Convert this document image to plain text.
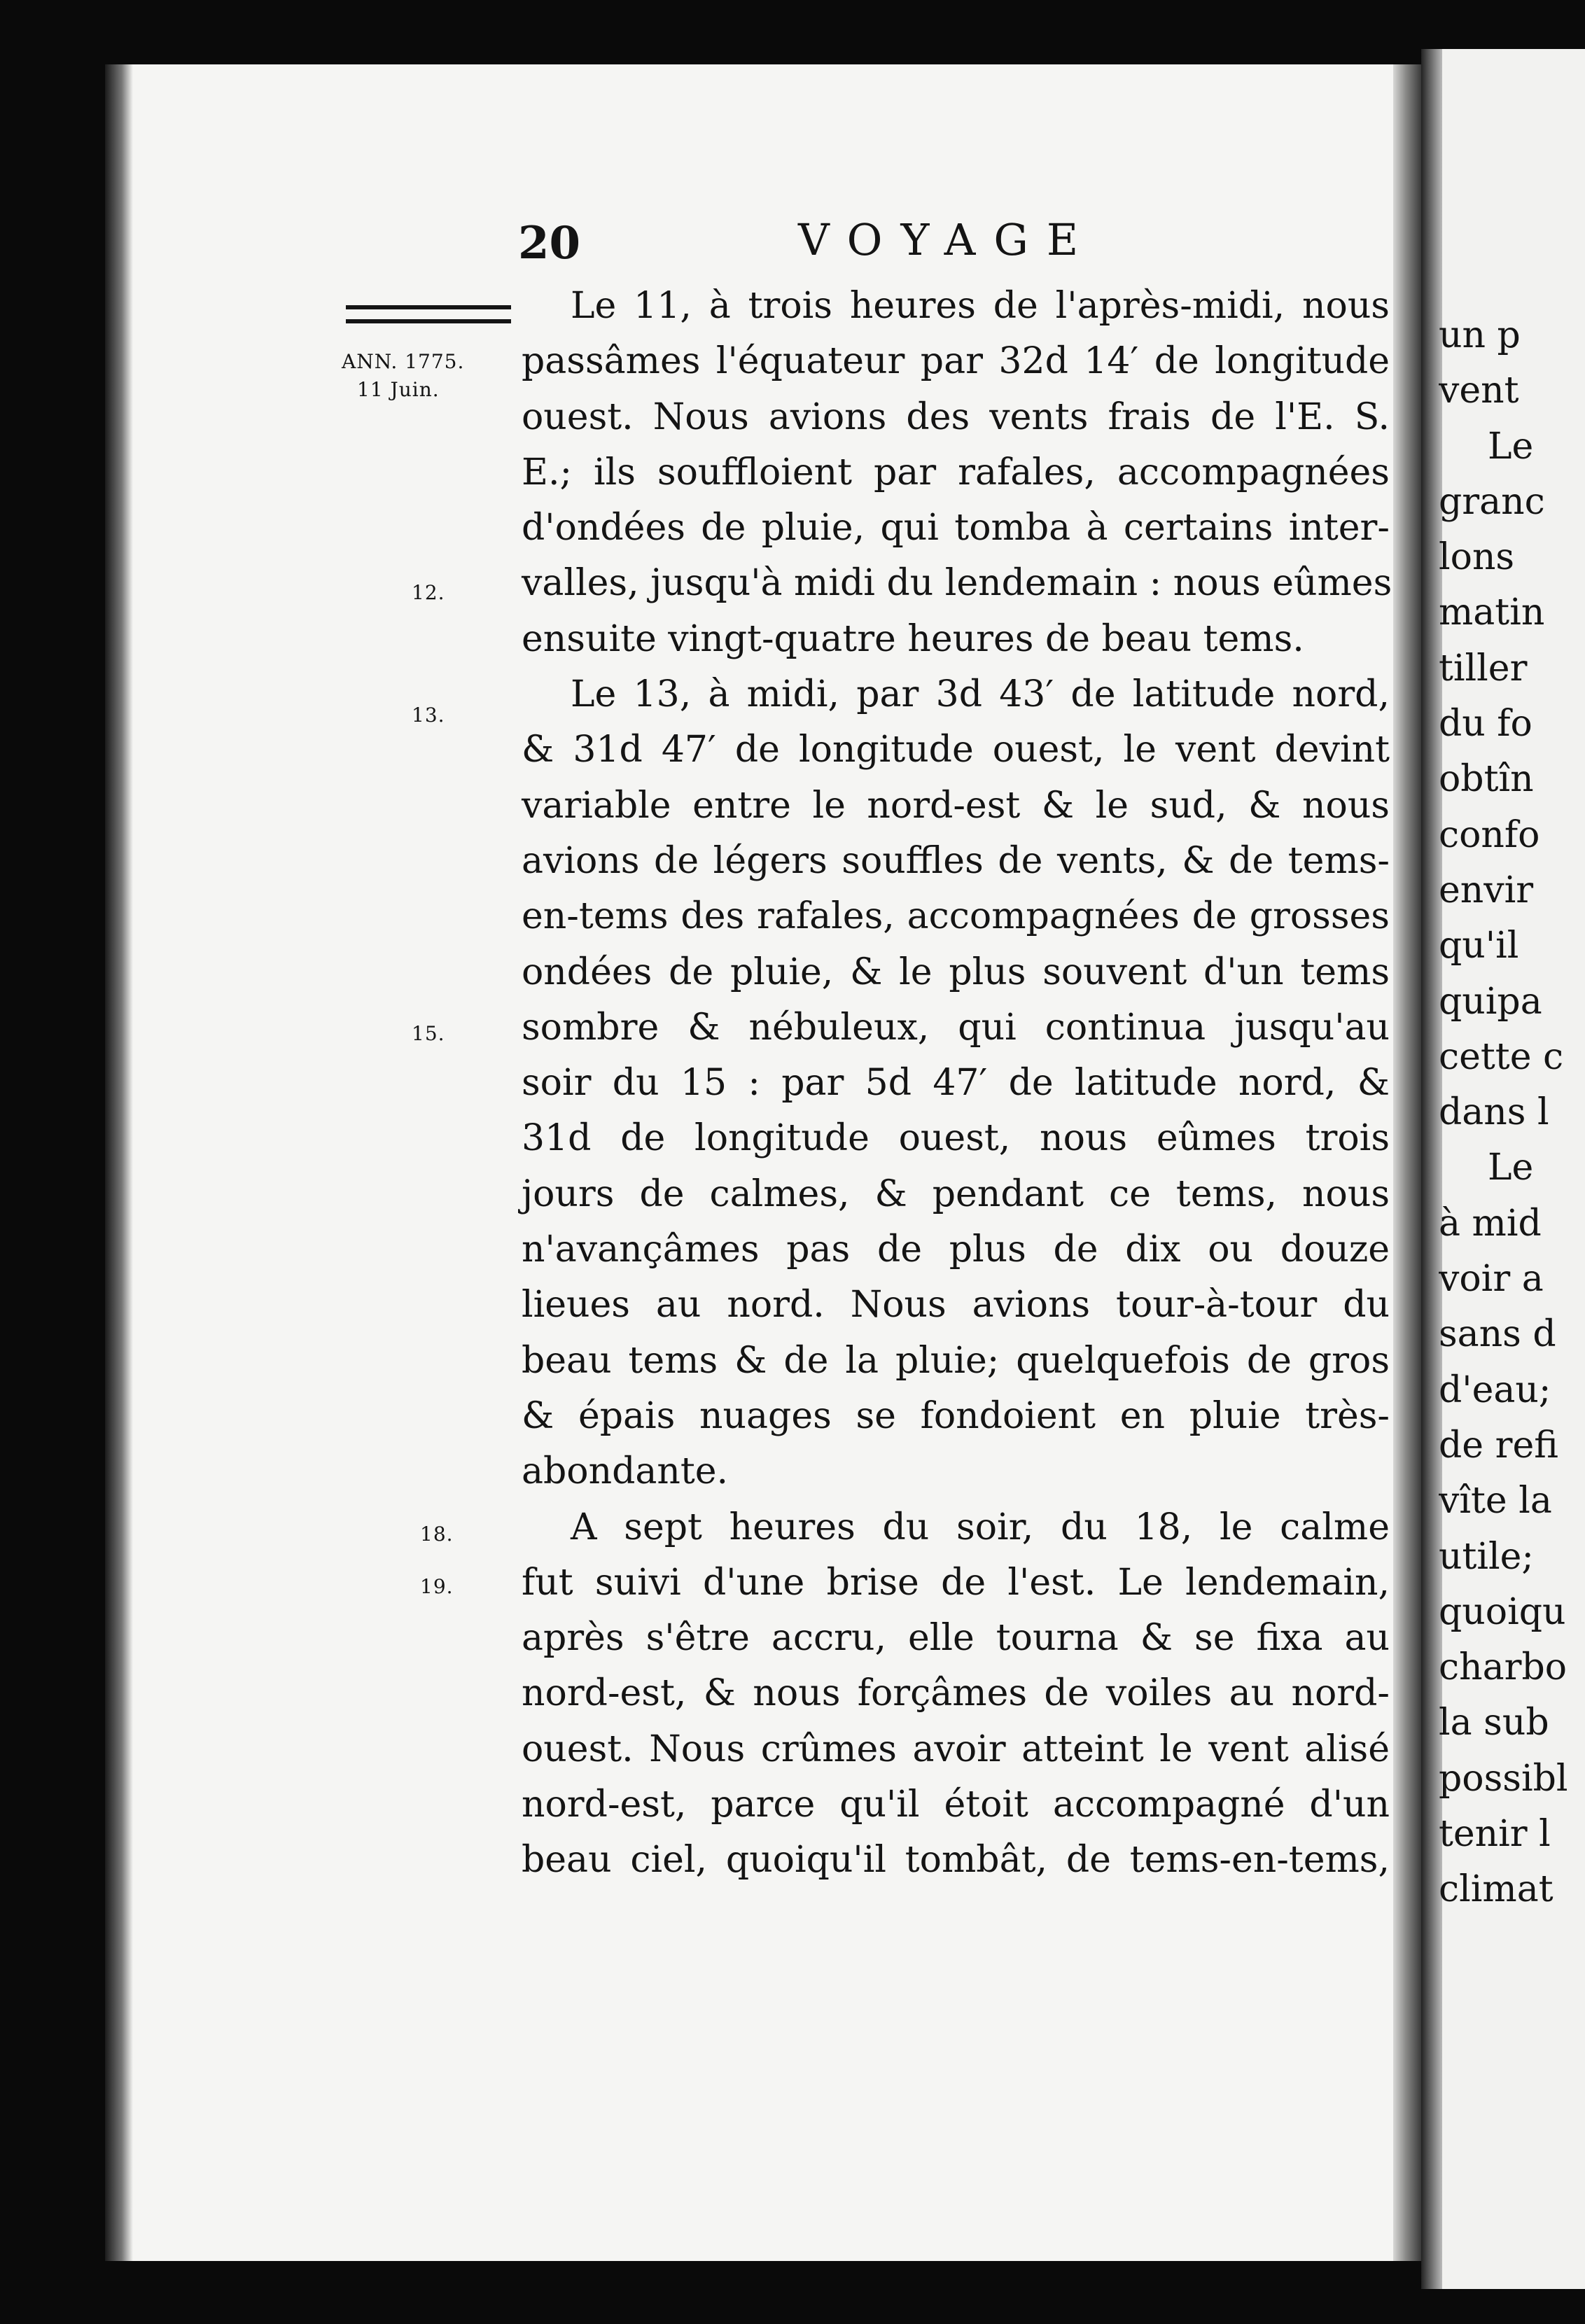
20	VOYAGE
ANN. 1775.
11 Juin.
12.
13.
15.
18.
19.
Le 11, à trois heures de l'après-midi, nous
passâmes l'équateur par 32d 14′ de longitude
ouest. Nous avions des vents frais de l'E. S.
E.; ils souffloient par rafales, accompagnées
d'ondées de pluie, qui tomba à certains inter-
valles, jusqu'à midi du lendemain : nous eûmes
ensuite vingt-quatre heures de beau tems.
Le 13, à midi, par 3d 43′ de latitude nord,
& 31d 47′ de longitude ouest, le vent devint
variable entre le nord-est & le sud, & nous
avions de légers souffles de vents, & de tems-
en-tems des rafales, accompagnées de grosses
ondées de pluie, & le plus souvent d'un tems
sombre & nébuleux, qui continua jusqu'au
soir du 15 : par 5d 47′ de latitude nord, &
31d de longitude ouest, nous eûmes trois
jours de calmes, & pendant ce tems, nous
n'avançâmes pas de plus de dix ou douze
lieues au nord. Nous avions tour-à-tour du
beau tems & de la pluie; quelquefois de gros
& épais nuages se fondoient en pluie très-
abondante.
A sept heures du soir, du 18, le calme
fut suivi d'une brise de l'est. Le lendemain,
après s'être accru, elle tourna & se fixa au
nord-est, & nous forçâmes de voiles au nord-
ouest. Nous crûmes avoir atteint le vent alisé
nord-est, parce qu'il étoit accompagné d'un
beau ciel, quoiqu'il tombât, de tems-en-tems,
un p
vent
Le
granc
lons
matin
tiller
du fo
obtîn
confo
envir
qu'il
quipa
cette c
dans l
Le
à mid
voir a
sans d
d'eau;
de refi
vîte la
utile;
quoiqu
charbo
la sub
possibl
tenir l
climat
